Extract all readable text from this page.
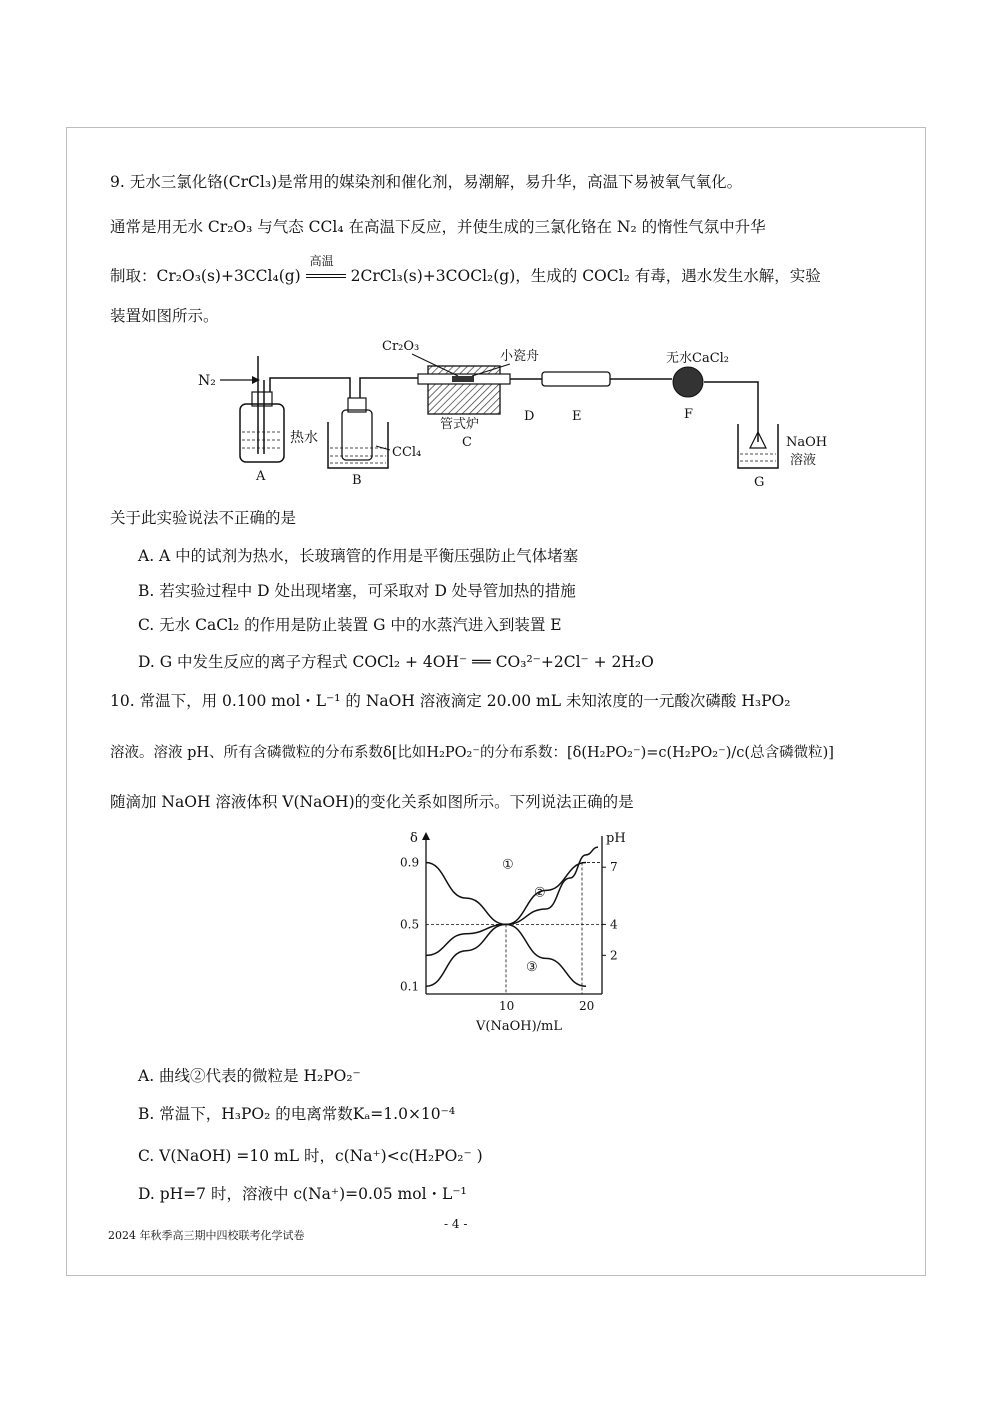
9. 无水三氯化铬(CrCl₃)是常用的媒染剂和催化剂，易潮解，易升华，高温下易被氧气氧化。
通常是用无水 Cr₂O₃ 与气态 CCl₄ 在高温下反应，并使生成的三氯化铬在 N₂ 的惰性气氛中升华
制取：Cr₂O₃(s)+3CCl₄(g)
高温
2CrCl₃(s)+3COCl₂(g)，生成的 COCl₂ 有毒，遇水发生水解，实验
装置如图所示。
N₂
A
热水
CCl₄
B
Cr₂O₃
小瓷舟
管式炉
C
D	E
无水CaCl₂
F
NaOH
溶液
G
关于此实验说法不正确的是
A. A 中的试剂为热水，长玻璃管的作用是平衡压强防止气体堵塞
B. 若实验过程中 D 处出现堵塞，可采取对 D 处导管加热的措施
C. 无水 CaCl₂ 的作用是防止装置 G 中的水蒸汽进入到装置 E
D. G 中发生反应的离子方程式 COCl₂ + 4OH⁻ ══ CO₃²⁻+2Cl⁻ + 2H₂O
10. 常温下，用 0.100 mol・L⁻¹ 的 NaOH 溶液滴定 20.00 mL 未知浓度的一元酸次磷酸 H₃PO₂
溶液。溶液 pH、所有含磷微粒的分布系数δ[比如H₂PO₂⁻的分布系数：[δ(H₂PO₂⁻)=c(H₂PO₂⁻)/c(总含磷微粒)]
随滴加 NaOH 溶液体积 V(NaOH)的变化关系如图所示。下列说法正确的是
δ	pH
V(NaOH)/mL
0.9
0.5
0.1
10	20
7
4
2
①
②
③
A. 曲线②代表的微粒是 H₂PO₂⁻
B. 常温下，H₃PO₂ 的电离常数Kₐ=1.0×10⁻⁴
C. V(NaOH) =10 mL 时，c(Na⁺)<c(H₂PO₂⁻ )
D. pH=7 时，溶液中 c(Na⁺)=0.05 mol・L⁻¹
2024 年秋季高三期中四校联考化学试卷
- 4 -
